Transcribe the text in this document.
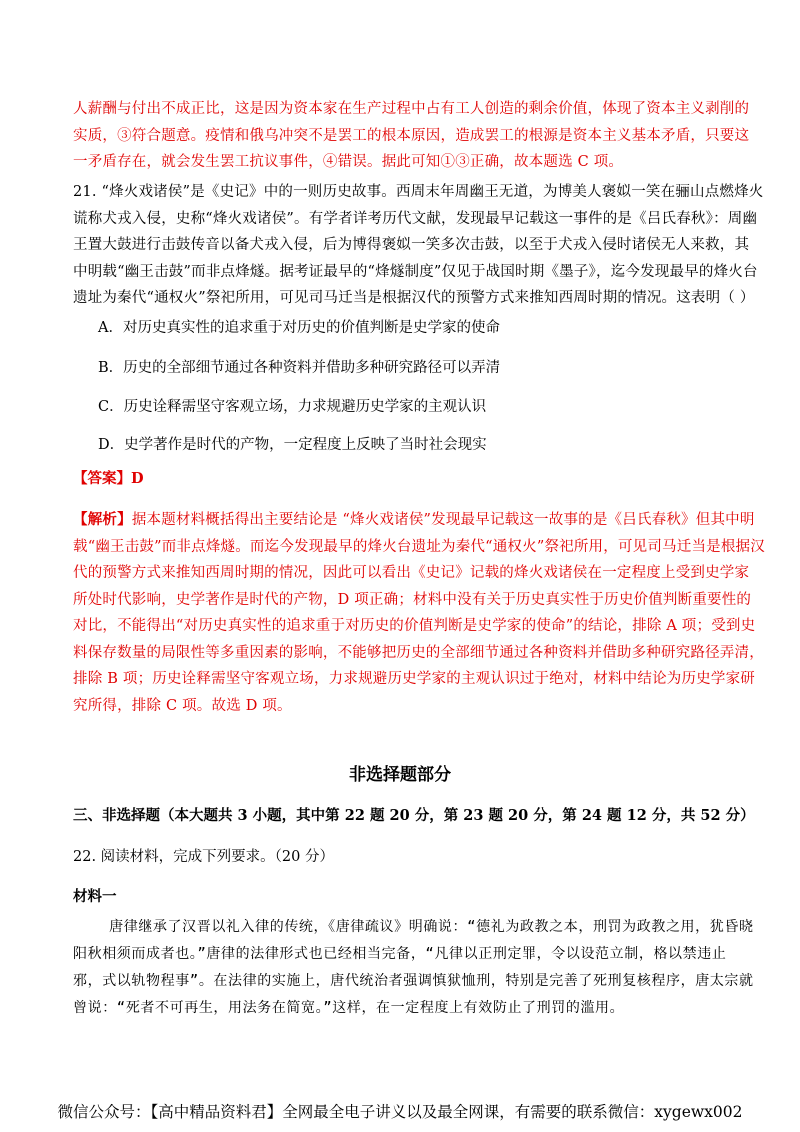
人薪酬与付出不成正比，这是因为资本家在生产过程中占有工人创造的剩余价值，体现了资本主义剥削的
实质，③符合题意。疫情和俄乌冲突不是罢工的根本原因，造成罢工的根源是资本主义基本矛盾，只要这
一矛盾存在，就会发生罢工抗议事件，④错误。据此可知①③正确，故本题选 C 项。
21. “烽火戏诸侯”是《史记》中的一则历史故事。西周末年周幽王无道，为博美人褒姒一笑在骊山点燃烽火
谎称犬戎入侵，史称“烽火戏诸侯”。有学者详考历代文献，发现最早记载这一事件的是《吕氏春秋》：周幽
王置大鼓进行击鼓传音以备犬戎入侵，后为博得褒姒一笑多次击鼓，以至于犬戎入侵时诸侯无人来救，其
中明载“幽王击鼓”而非点烽燧。据考证最早的“烽燧制度”仅见于战国时期《墨子》，迄今发现最早的烽火台
遗址为秦代“通权火”祭祀所用，可见司马迁当是根据汉代的预警方式来推知西周时期的情况。这表明（ ）
A．对历史真实性的追求重于对历史的价值判断是史学家的使命
B．历史的全部细节通过各种资料并借助多种研究路径可以弄清
C．历史诠释需坚守客观立场，力求规避历史学家的主观认识
D．史学著作是时代的产物，一定程度上反映了当时社会现实
【答案】D
【解析】据本题材料概括得出主要结论是 “烽火戏诸侯”发现最早记载这一故事的是《吕氏春秋》但其中明
载“幽王击鼓”而非点烽燧。而迄今发现最早的烽火台遗址为秦代“通权火”祭祀所用，可见司马迁当是根据汉
代的预警方式来推知西周时期的情况，因此可以看出《史记》记载的烽火戏诸侯在一定程度上受到史学家
所处时代影响，史学著作是时代的产物，D 项正确；材料中没有关于历史真实性于历史价值判断重要性的
对比，不能得出“对历史真实性的追求重于对历史的价值判断是史学家的使命”的结论，排除 A 项；受到史
料保存数量的局限性等多重因素的影响，不能够把历史的全部细节通过各种资料并借助多种研究路径弄清，
排除 B 项；历史诠释需坚守客观立场，力求规避历史学家的主观认识过于绝对，材料中结论为历史学家研
究所得，排除 C 项。故选 D 项。
非选择题部分
三、非选择题（本大题共 3 小题，其中第 22 题 20 分，第 23 题 20 分，第 24 题 12 分，共 52 分）
22. 阅读材料，完成下列要求。（20 分）
材料一
唐律继承了汉晋以礼入律的传统，《唐律疏议》明确说：“德礼为政教之本，刑罚为政教之用，犹昏晓
阳秋相须而成者也。”唐律的法律形式也已经相当完备，“凡律以正刑定罪，令以设范立制，格以禁违止
邪，式以轨物程事”。在法律的实施上，唐代统治者强调慎狱恤刑，特别是完善了死刑复核程序，唐太宗就
曾说：“死者不可再生，用法务在简宽。”这样，在一定程度上有效防止了刑罚的滥用。
微信公众号：【高中精品资料君】全网最全电子讲义以及最全网课，有需要的联系微信：xygewx002
